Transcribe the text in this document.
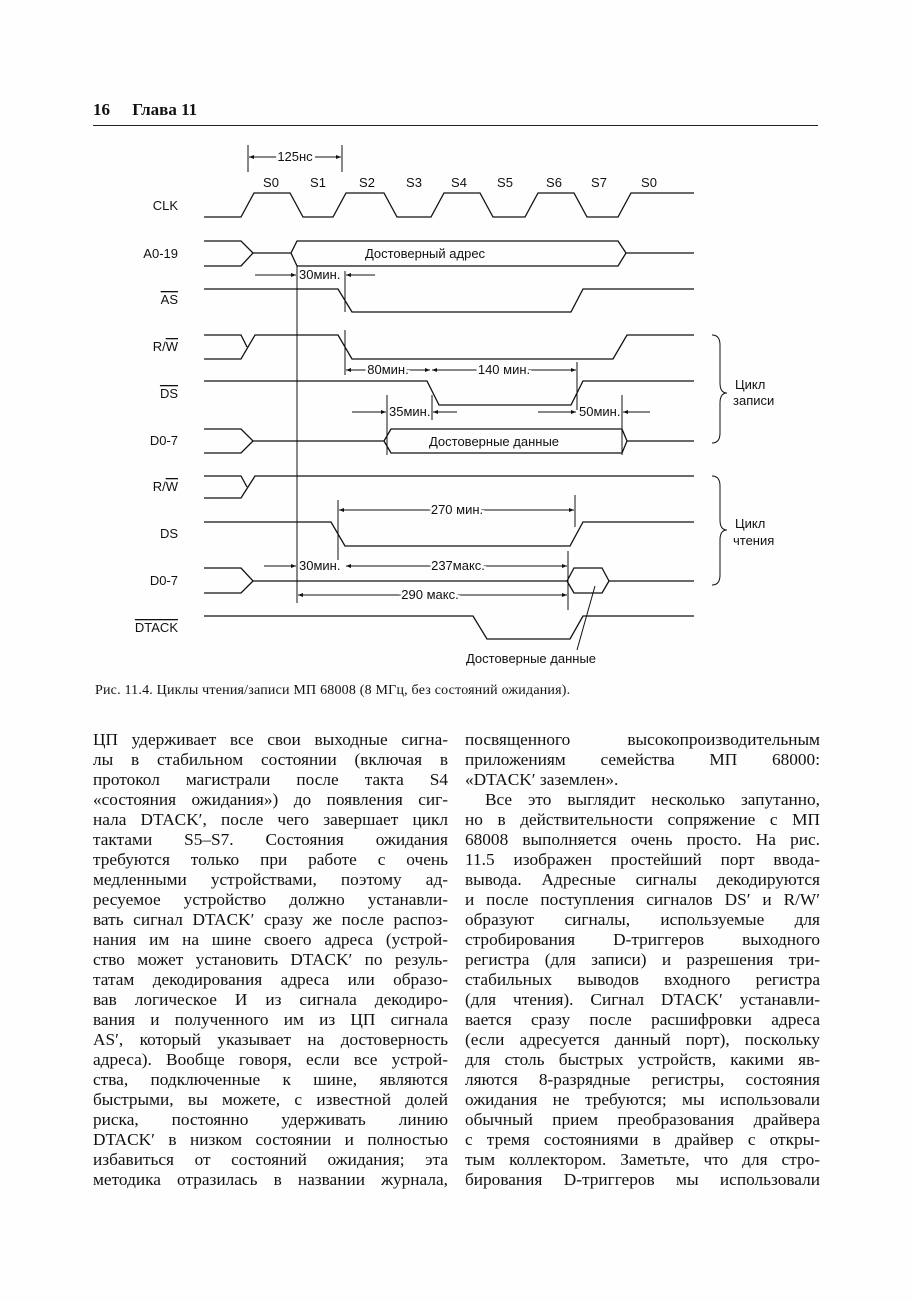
16 Глава 11
125нс
S0 S1	S2 S3 S4 S5	S6 S7	S0
CLK
A0-19
AS
R/W
DS
D0-7
R/W
DS
D0-7
DTACK
Достоверный адрес
Достоверные данные
30мин.
80мин.	140 мин.
35мин.	50мин.
270 мин.
30мин.	237макс.
290 макс.
Цикл
записи
Цикл
чтения
Достоверные данные
Рис. 11.4. Циклы чтения/записи МП 68008 (8 МГц, без состояний ожидания).
ЦП удерживает все свои выходные сигна-
лы в стабильном состоянии (включая в
протокол магистрали после такта S4
«состояния ожидания») до появления сиг-
нала DTACK′, после чего завершает цикл
тактами S5–S7. Состояния ожидания
требуются только при работе с очень
медленными устройствами, поэтому ад-
ресуемое устройство должно устанавли-
вать сигнал DTACK′ сразу же после распоз-
нания им на шине своего адреса (устрой-
ство может установить DTACK′ по резуль-
татам декодирования адреса или образо-
вав логическое И из сигнала декодиро-
вания и полученного им из ЦП сигнала
AS′, который указывает на достоверность
адреса). Вообще говоря, если все устрой-
ства, подключенные к шине, являются
быстрыми, вы можете, с известной долей
риска, постоянно удерживать линию
DTACK′ в низком состоянии и полностью
избавиться от состояний ожидания; эта
методика отразилась в названии журнала,
посвященного высокопроизводительным
приложениям семейства МП 68000:
«DTACK′ заземлен».
Все это выглядит несколько запутанно,
но в действительности сопряжение с МП
68008 выполняется очень просто. На рис.
11.5 изображен простейший порт ввода-
вывода. Адресные сигналы декодируются
и после поступления сигналов DS′ и R/W′
образуют сигналы, используемые для
стробирования D-триггеров выходного
регистра (для записи) и разрешения три-
стабильных выводов входного регистра
(для чтения). Сигнал DTACK′ устанавли-
вается сразу после расшифровки адреса
(если адресуется данный порт), поскольку
для столь быстрых устройств, какими яв-
ляются 8-разрядные регистры, состояния
ожидания не требуются; мы использовали
обычный прием преобразования драйвера
с тремя состояниями в драйвер с откры-
тым коллектором. Заметьте, что для стро-
бирования D-триггеров мы использовали
